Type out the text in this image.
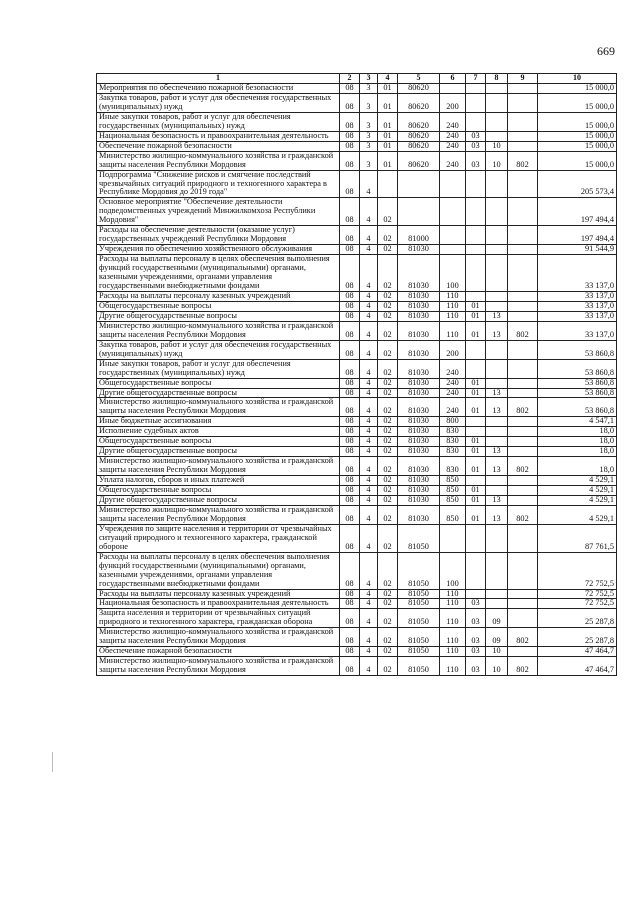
669
1	2	3	4	5	6	7	8	9	10
Мероприятия по обеспечению пожарной безопасности	08	3	01	80620					15 000,0
Закупка товаров, работ и услуг для обеспечения государственных (муниципальных) нужд	08	3	01	80620	200				15 000,0
Иные закупки товаров, работ и услуг для обеспечения государственных (муниципальных) нужд	08	3	01	80620	240				15 000,0
Национальная безопасность и правоохранительная деятельность	08	3	01	80620	240	03			15 000,0
Обеспечение пожарной безопасности	08	3	01	80620	240	03	10		15 000,0
Министерство жилищно-коммунального хозяйства и гражданской защиты населения Республики Мордовия	08	3	01	80620	240	03	10	802	15 000,0
Подпрограмма "Снижение рисков и смягчение последствий чрезвычайных ситуаций природного и техногенного характера в Республике Мордовия до 2019 года"	08	4							205 573,4
Основное мероприятие "Обеспечение деятельности подведомственных учреждений Минжилкомхоза Республики Мордовия"	08	4	02						197 494,4
Расходы на обеспечение деятельности (оказание услуг) государственных учреждений Республики Мордовия	08	4	02	81000					197 494,4
Учреждения по обеспечению хозяйственного обслуживания	08	4	02	81030					91 544,9
Расходы на выплаты персоналу в целях обеспечения выполнения функций государственными (муниципальными) органами, казенными учреждениями, органами управления государственными внебюджетными фондами	08	4	02	81030	100				33 137,0
Расходы на выплаты персоналу казенных учреждений	08	4	02	81030	110				33 137,0
Общегосударственные вопросы	08	4	02	81030	110	01			33 137,0
Другие общегосударственные вопросы	08	4	02	81030	110	01	13		33 137,0
Министерство жилищно-коммунального хозяйства и гражданской защиты населения Республики Мордовия	08	4	02	81030	110	01	13	802	33 137,0
Закупка товаров, работ и услуг для обеспечения государственных (муниципальных) нужд	08	4	02	81030	200				53 860,8
Иные закупки товаров, работ и услуг для обеспечения государственных (муниципальных) нужд	08	4	02	81030	240				53 860,8
Общегосударственные вопросы	08	4	02	81030	240	01			53 860,8
Другие общегосударственные вопросы	08	4	02	81030	240	01	13		53 860,8
Министерство жилищно-коммунального хозяйства и гражданской защиты населения Республики Мордовия	08	4	02	81030	240	01	13	802	53 860,8
Иные бюджетные ассигнования	08	4	02	81030	800				4 547,1
Исполнение судебных актов	08	4	02	81030	830				18,0
Общегосударственные вопросы	08	4	02	81030	830	01			18,0
Другие общегосударственные вопросы	08	4	02	81030	830	01	13		18,0
Министерство жилищно-коммунального хозяйства и гражданской защиты населения Республики Мордовия	08	4	02	81030	830	01	13	802	18,0
Уплата налогов, сборов и иных платежей	08	4	02	81030	850				4 529,1
Общегосударственные вопросы	08	4	02	81030	850	01			4 529,1
Другие общегосударственные вопросы	08	4	02	81030	850	01	13		4 529,1
Министерство жилищно-коммунального хозяйства и гражданской защиты населения Республики Мордовия	08	4	02	81030	850	01	13	802	4 529,1
Учреждения по защите населения и территории от чрезвычайных ситуаций природного и техногенного характера, гражданской обороне	08	4	02	81050					87 761,5
Расходы на выплаты персоналу в целях обеспечения выполнения функций государственными (муниципальными) органами, казенными учреждениями, органами управления государственными внебюджетными фондами	08	4	02	81050	100				72 752,5
Расходы на выплаты персоналу казенных учреждений	08	4	02	81050	110				72 752,5
Национальная безопасность и правоохранительная деятельность	08	4	02	81050	110	03			72 752,5
Защита населения и территории от чрезвычайных ситуаций природного и техногенного характера, гражданская оборона	08	4	02	81050	110	03	09		25 287,8
Министерство жилищно-коммунального хозяйства и гражданской защиты населения Республики Мордовия	08	4	02	81050	110	03	09	802	25 287,8
Обеспечение пожарной безопасности	08	4	02	81050	110	03	10		47 464,7
Министерство жилищно-коммунального хозяйства и гражданской защиты населения Республики Мордовия	08	4	02	81050	110	03	10	802	47 464,7
